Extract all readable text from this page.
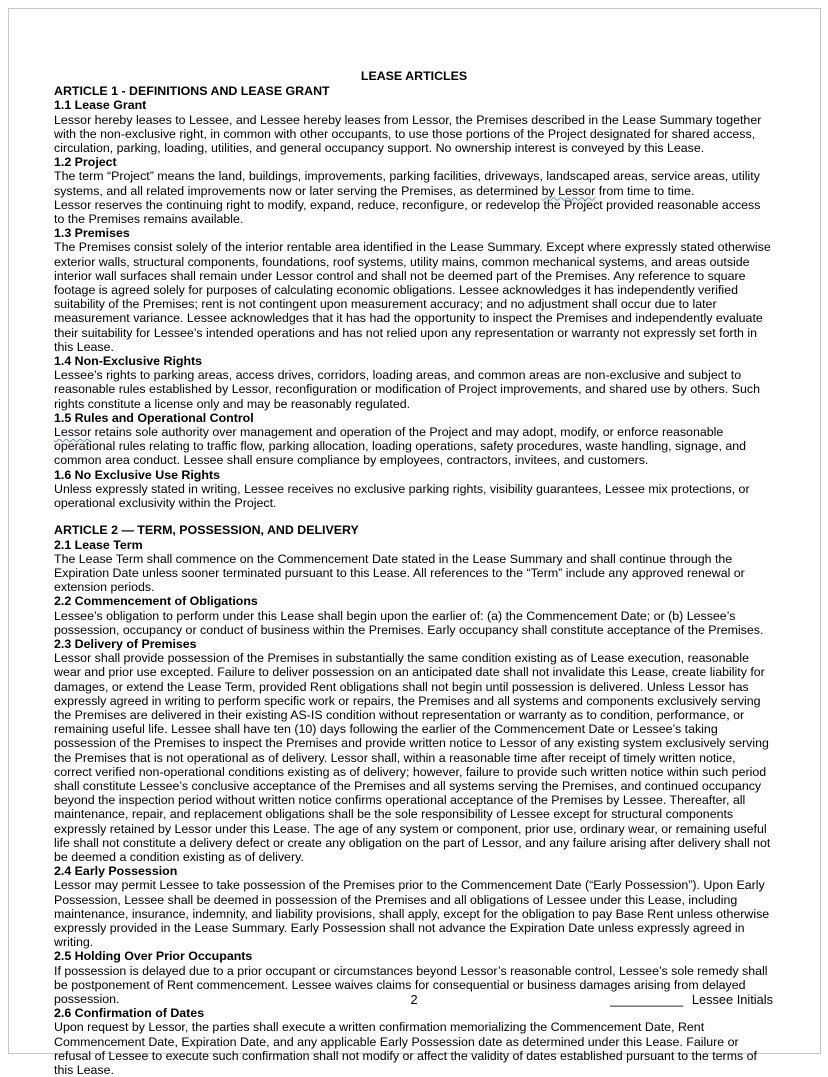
LEASE ARTICLES
ARTICLE 1 - DEFINITIONS AND LEASE GRANT
1.1 Lease Grant

Lessor hereby leases to Lessee, and Lessee hereby leases from Lessor, the Premises described in the Lease Summary together with the non-exclusive right, in common with other occupants, to use those portions of the Project designated for shared access, circulation, parking, loading, utilities, and general occupancy support. No ownership interest is conveyed by this Lease.

1.2 Project

The term “Project” means the land, buildings, improvements, parking facilities, driveways, landscaped areas, service areas, utility systems, and all related improvements now or later serving the Premises, as determined by Lessor from time to time.

Lessor reserves the continuing right to modify, expand, reduce, reconfigure, or redevelop the Project provided reasonable access to the Premises remains available.

1.3 Premises

The Premises consist solely of the interior rentable area identified in the Lease Summary. Except where expressly stated otherwise exterior walls, structural components, foundations, roof systems, utility mains, common mechanical systems, and areas outside interior wall surfaces shall remain under Lessor control and shall not be deemed part of the Premises. Any reference to square footage is agreed solely for purposes of calculating economic obligations. Lessee acknowledges it has independently verified suitability of the Premises; rent is not contingent upon measurement accuracy; and no adjustment shall occur due to later measurement variance. Lessee acknowledges that it has had the opportunity to inspect the Premises and independently evaluate their suitability for Lessee’s intended operations and has not relied upon any representation or warranty not expressly set forth in this Lease.

1.4 Non-Exclusive Rights

Lessee’s rights to parking areas, access drives, corridors, loading areas, and common areas are non-exclusive and subject to reasonable rules established by Lessor, reconfiguration or modification of Project improvements, and shared use by others. Such rights constitute a license only and may be reasonably regulated.

1.5 Rules and Operational Control

Lessor retains sole authority over management and operation of the Project and may adopt, modify, or enforce reasonable operational rules relating to traffic flow, parking allocation, loading operations, safety procedures, waste handling, signage, and common area conduct. Lessee shall ensure compliance by employees, contractors, invitees, and customers.

1.6 No Exclusive Use Rights

Unless expressly stated in writing, Lessee receives no exclusive parking rights, visibility guarantees, Lessee mix protections, or operational exclusivity within the Project.

ARTICLE 2 — TERM, POSSESSION, AND DELIVERY
2.1 Lease Term

The Lease Term shall commence on the Commencement Date stated in the Lease Summary and shall continue through the Expiration Date unless sooner terminated pursuant to this Lease. All references to the “Term” include any approved renewal or extension periods.

2.2 Commencement of Obligations

Lessee’s obligation to perform under this Lease shall begin upon the earlier of: (a) the Commencement Date; or (b) Lessee’s possession, occupancy or conduct of business within the Premises. Early occupancy shall constitute acceptance of the Premises.

2.3 Delivery of Premises

Lessor shall provide possession of the Premises in substantially the same condition existing as of Lease execution, reasonable wear and prior use excepted. Failure to deliver possession on an anticipated date shall not invalidate this Lease, create liability for damages, or extend the Lease Term, provided Rent obligations shall not begin until possession is delivered. Unless Lessor has expressly agreed in writing to perform specific work or repairs, the Premises and all systems and components exclusively serving the Premises are delivered in their existing AS-IS condition without representation or warranty as to condition, performance, or remaining useful life. Lessee shall have ten (10) days following the earlier of the Commencement Date or Lessee’s taking possession of the Premises to inspect the Premises and provide written notice to Lessor of any existing system exclusively serving the Premises that is not operational as of delivery. Lessor shall, within a reasonable time after receipt of timely written notice, correct verified non-operational conditions existing as of delivery; however, failure to provide such written notice within such period shall constitute Lessee’s conclusive acceptance of the Premises and all systems serving the Premises, and continued occupancy beyond the inspection period without written notice confirms operational acceptance of the Premises by Lessee. Thereafter, all maintenance, repair, and replacement obligations shall be the sole responsibility of Lessee except for structural components expressly retained by Lessor under this Lease. The age of any system or component, prior use, ordinary wear, or remaining useful life shall not constitute a delivery defect or create any obligation on the part of Lessor, and any failure arising after delivery shall not be deemed a condition existing as of delivery.

2.4 Early Possession

Lessor may permit Lessee to take possession of the Premises prior to the Commencement Date (“Early Possession”). Upon Early Possession, Lessee shall be deemed in possession of the Premises and all obligations of Lessee under this Lease, including maintenance, insurance, indemnity, and liability provisions, shall apply, except for the obligation to pay Base Rent unless otherwise expressly provided in the Lease Summary. Early Possession shall not advance the Expiration Date unless expressly agreed in writing.

2.5 Holding Over Prior Occupants

If possession is delayed due to a prior occupant or circumstances beyond Lessor’s reasonable control, Lessee’s sole remedy shall be postponement of Rent commencement. Lessee waives claims for consequential or business damages arising from delayed possession.

2.6 Confirmation of Dates

Upon request by Lessor, the parties shall execute a written confirmation memorializing the Commencement Date, Rent Commencement Date, Expiration Date, and any applicable Early Possession date as determined under this Lease. Failure or refusal of Lessee to execute such confirmation shall not modify or affect the validity of dates established pursuant to the terms of this Lease.

2	__________ Lessee Initials
